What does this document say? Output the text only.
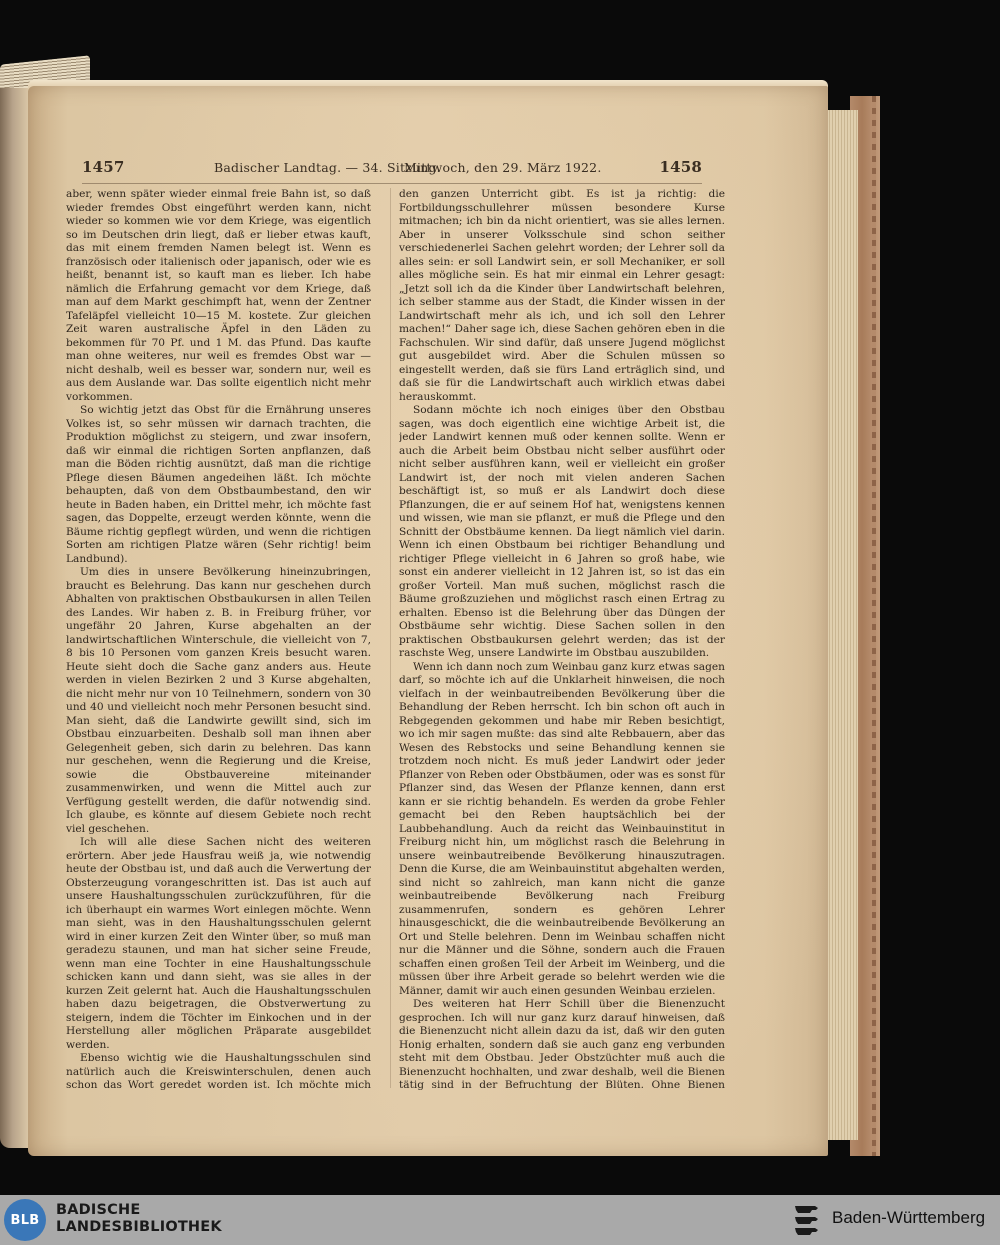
1457	Badischer Landtag. — 34. Sitzung.
Mittwoch, den 29. März 1922.	1458

aber, wenn später wieder einmal freie Bahn ist, so daß wieder fremdes Obst eingeführt werden kann, nicht wieder so kommen wie vor dem Kriege, was eigentlich so im Deutschen drin liegt, daß er lieber etwas kauft, das mit einem fremden Namen belegt ist. Wenn es französisch oder italienisch oder japanisch, oder wie es heißt, benannt ist, so kauft man es lieber. Ich habe nämlich die Erfahrung gemacht vor dem Kriege, daß man auf dem Markt geschimpft hat, wenn der Zentner Tafeläpfel vielleicht 10—15 M. kostete. Zur gleichen Zeit waren australische Äpfel in den Läden zu bekommen für 70 Pf. und 1 M. das Pfund. Das kaufte man ohne weiteres, nur weil es fremdes Obst war — nicht deshalb, weil es besser war, sondern nur, weil es aus dem Auslande war. Das sollte eigentlich nicht mehr vorkommen.

So wichtig jetzt das Obst für die Ernährung unseres Volkes ist, so sehr müssen wir darnach trachten, die Produktion möglichst zu steigern, und zwar insofern, daß wir einmal die richtigen Sorten anpflanzen, daß man die Böden richtig ausnützt, daß man die richtige Pflege diesen Bäumen angedeihen läßt. Ich möchte behaupten, daß von dem Obstbaumbestand, den wir heute in Baden haben, ein Drittel mehr, ich möchte fast sagen, das Doppelte, erzeugt werden könnte, wenn die Bäume richtig gepflegt würden, und wenn die richtigen Sorten am richtigen Platze wären (Sehr richtig! beim Landbund).

Um dies in unsere Bevölkerung hineinzubringen, braucht es Belehrung. Das kann nur geschehen durch Abhalten von praktischen Obstbaukursen in allen Teilen des Landes. Wir haben z. B. in Freiburg früher, vor ungefähr 20 Jahren, Kurse abgehalten an der landwirtschaftlichen Winterschule, die vielleicht von 7, 8 bis 10 Personen vom ganzen Kreis besucht waren. Heute sieht doch die Sache ganz anders aus. Heute werden in vielen Bezirken 2 und 3 Kurse abgehalten, die nicht mehr nur von 10 Teilnehmern, sondern von 30 und 40 und vielleicht noch mehr Personen besucht sind. Man sieht, daß die Landwirte gewillt sind, sich im Obstbau einzuarbeiten. Deshalb soll man ihnen aber Gelegenheit geben, sich darin zu belehren. Das kann nur geschehen, wenn die Regierung und die Kreise, sowie die Obstbauvereine miteinander zusammenwirken, und wenn die Mittel auch zur Verfügung gestellt werden, die dafür notwendig sind. Ich glaube, es könnte auf diesem Gebiete noch recht viel geschehen.

Ich will alle diese Sachen nicht des weiteren erörtern. Aber jede Hausfrau weiß ja, wie notwendig heute der Obstbau ist, und daß auch die Verwertung der Obsterzeugung vorangeschritten ist. Das ist auch auf unsere Haushaltungsschulen zurückzuführen, für die ich überhaupt ein warmes Wort einlegen möchte. Wenn man sieht, was in den Haushaltungsschulen gelernt wird in einer kurzen Zeit den Winter über, so muß man geradezu staunen, und man hat sicher seine Freude, wenn man eine Tochter in eine Haushaltungsschule schicken kann und dann sieht, was sie alles in der kurzen Zeit gelernt hat. Auch die Haushaltungsschulen haben dazu beigetragen, die Obstverwertung zu steigern, indem die Töchter im Einkochen und in der Herstellung aller möglichen Präparate ausgebildet werden.

Ebenso wichtig wie die Haushaltungsschulen sind natürlich auch die Kreiswinterschulen, denen auch schon das Wort geredet worden ist. Ich möchte mich

den ganzen Unterricht gibt. Es ist ja richtig: die Fortbildungsschullehrer müssen besondere Kurse mitmachen; ich bin da nicht orientiert, was sie alles lernen. Aber in unserer Volksschule sind schon seither verschiedenerlei Sachen gelehrt worden; der Lehrer soll da alles sein: er soll Landwirt sein, er soll Mechaniker, er soll alles mögliche sein. Es hat mir einmal ein Lehrer gesagt: „Jetzt soll ich da die Kinder über Landwirtschaft belehren, ich selber stamme aus der Stadt, die Kinder wissen in der Landwirtschaft mehr als ich, und ich soll den Lehrer machen!“ Daher sage ich, diese Sachen gehören eben in die Fachschulen. Wir sind dafür, daß unsere Jugend möglichst gut ausgebildet wird. Aber die Schulen müssen so eingestellt werden, daß sie fürs Land erträglich sind, und daß sie für die Landwirtschaft auch wirklich etwas dabei herauskommt.

Sodann möchte ich noch einiges über den Obstbau sagen, was doch eigentlich eine wichtige Arbeit ist, die jeder Landwirt kennen muß oder kennen sollte. Wenn er auch die Arbeit beim Obstbau nicht selber ausführt oder nicht selber ausführen kann, weil er vielleicht ein großer Landwirt ist, der noch mit vielen anderen Sachen beschäftigt ist, so muß er als Landwirt doch diese Pflanzungen, die er auf seinem Hof hat, wenigstens kennen und wissen, wie man sie pflanzt, er muß die Pflege und den Schnitt der Obstbäume kennen. Da liegt nämlich viel darin. Wenn ich einen Obstbaum bei richtiger Behandlung und richtiger Pflege vielleicht in 6 Jahren so groß habe, wie sonst ein anderer vielleicht in 12 Jahren ist, so ist das ein großer Vorteil. Man muß suchen, möglichst rasch die Bäume großzuziehen und möglichst rasch einen Ertrag zu erhalten. Ebenso ist die Belehrung über das Düngen der Obstbäume sehr wichtig. Diese Sachen sollen in den praktischen Obstbaukursen gelehrt werden; das ist der raschste Weg, unsere Landwirte im Obstbau auszubilden.

Wenn ich dann noch zum Weinbau ganz kurz etwas sagen darf, so möchte ich auf die Unklarheit hinweisen, die noch vielfach in der weinbautreibenden Bevölkerung über die Behandlung der Reben herrscht. Ich bin schon oft auch in Rebgegenden gekommen und habe mir Reben besichtigt, wo ich mir sagen mußte: das sind alte Rebbauern, aber das Wesen des Rebstocks und seine Behandlung kennen sie trotzdem noch nicht. Es muß jeder Landwirt oder jeder Pflanzer von Reben oder Obstbäumen, oder was es sonst für Pflanzer sind, das Wesen der Pflanze kennen, dann erst kann er sie richtig behandeln. Es werden da grobe Fehler gemacht bei den Reben hauptsächlich bei der Laubbehandlung. Auch da reicht das Weinbauinstitut in Freiburg nicht hin, um möglichst rasch die Belehrung in unsere weinbautreibende Bevölkerung hinauszutragen. Denn die Kurse, die am Weinbauinstitut abgehalten werden, sind nicht so zahlreich, man kann nicht die ganze weinbautreibende Bevölkerung nach Freiburg zusammenrufen, sondern es gehören Lehrer hinausgeschickt, die die weinbautreibende Bevölkerung an Ort und Stelle belehren. Denn im Weinbau schaffen nicht nur die Männer und die Söhne, sondern auch die Frauen schaffen einen großen Teil der Arbeit im Weinberg, und die müssen über ihre Arbeit gerade so belehrt werden wie die Männer, damit wir auch einen gesunden Weinbau erzielen.

Des weiteren hat Herr Schill über die Bienenzucht gesprochen. Ich will nur ganz kurz darauf hinweisen, daß die Bienenzucht nicht allein dazu da ist, daß wir den guten Honig erhalten, sondern daß sie auch ganz eng verbunden steht mit dem Obstbau. Jeder Obstzüchter muß auch die Bienenzucht hochhalten, und zwar deshalb, weil die Bienen tätig sind in der Befruchtung der Blüten. Ohne Bienen

BLB
BADISCHE
LANDESBIBLIOTHEK	Baden-Württemberg
